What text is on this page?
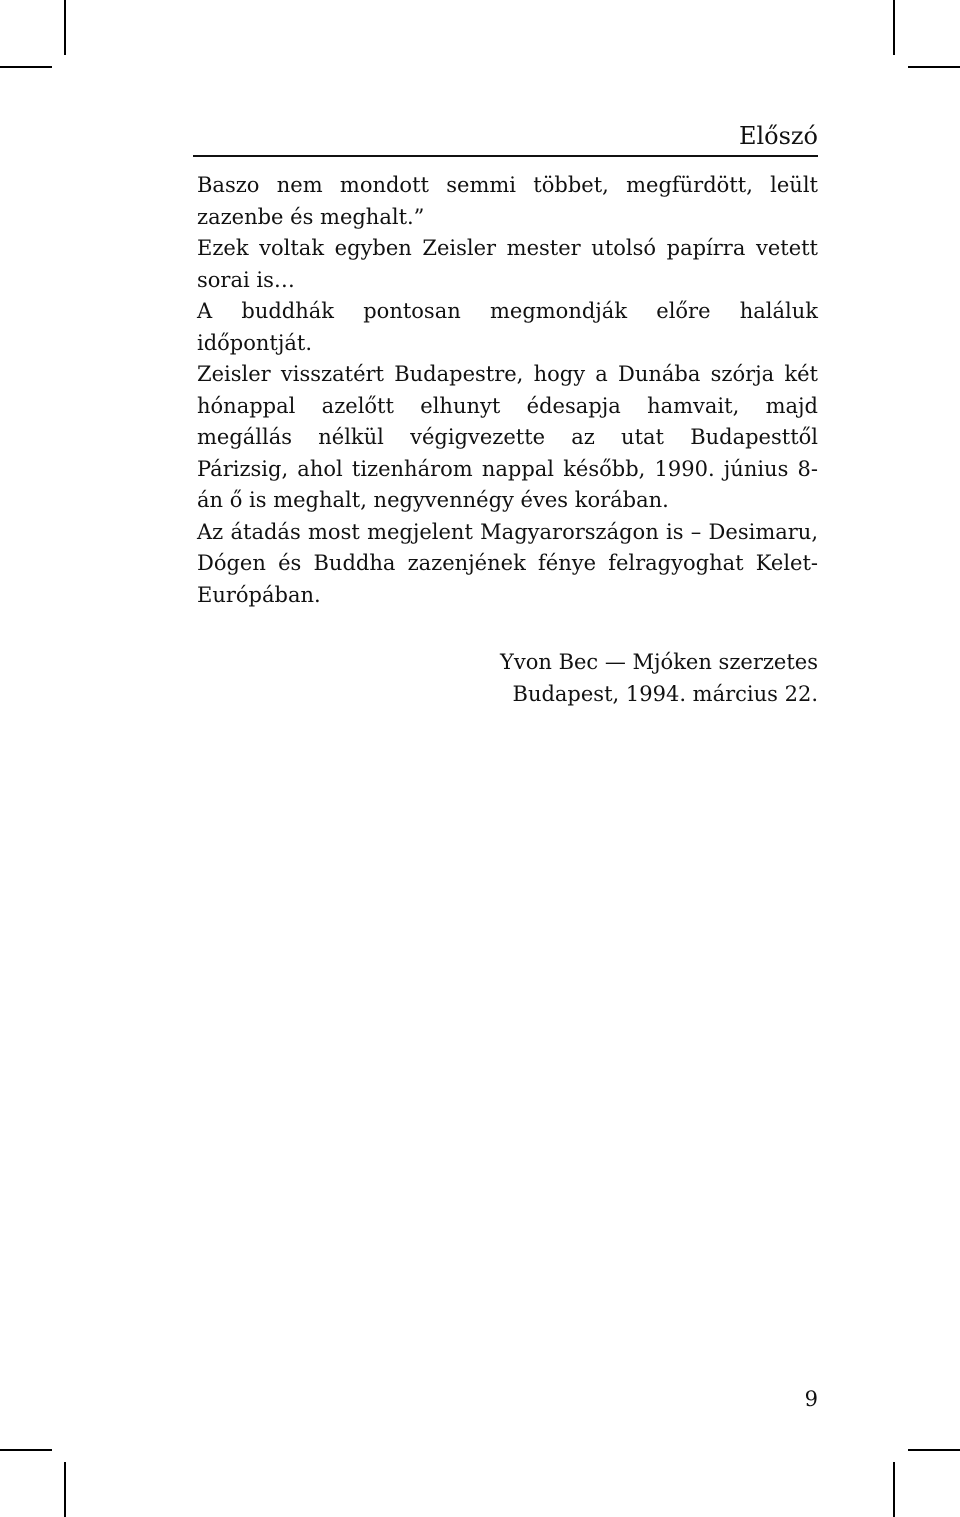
Előszó

Baszo nem mondott semmi többet, megfürdött, leült zazenbe és meghalt.”

Ezek voltak egyben Zeisler mester utolsó papírra vetett sorai is…

A buddhák pontosan megmondják előre haláluk időpontját.

Zeisler visszatért Budapestre, hogy a Dunába szórja két hónappal azelőtt elhunyt édesapja hamvait, majd megállás nélkül végigvezette az utat Budapesttől Párizsig, ahol tizenhárom nappal később, 1990. június 8-án ő is meghalt, negyvennégy éves korában.

Az átadás most megjelent Magyarországon is – Desimaru, Dógen és Buddha zazenjének fénye felragyoghat Kelet-Európában.

Yvon Bec — Mjóken szerzetes
Budapest, 1994. március 22.
9
